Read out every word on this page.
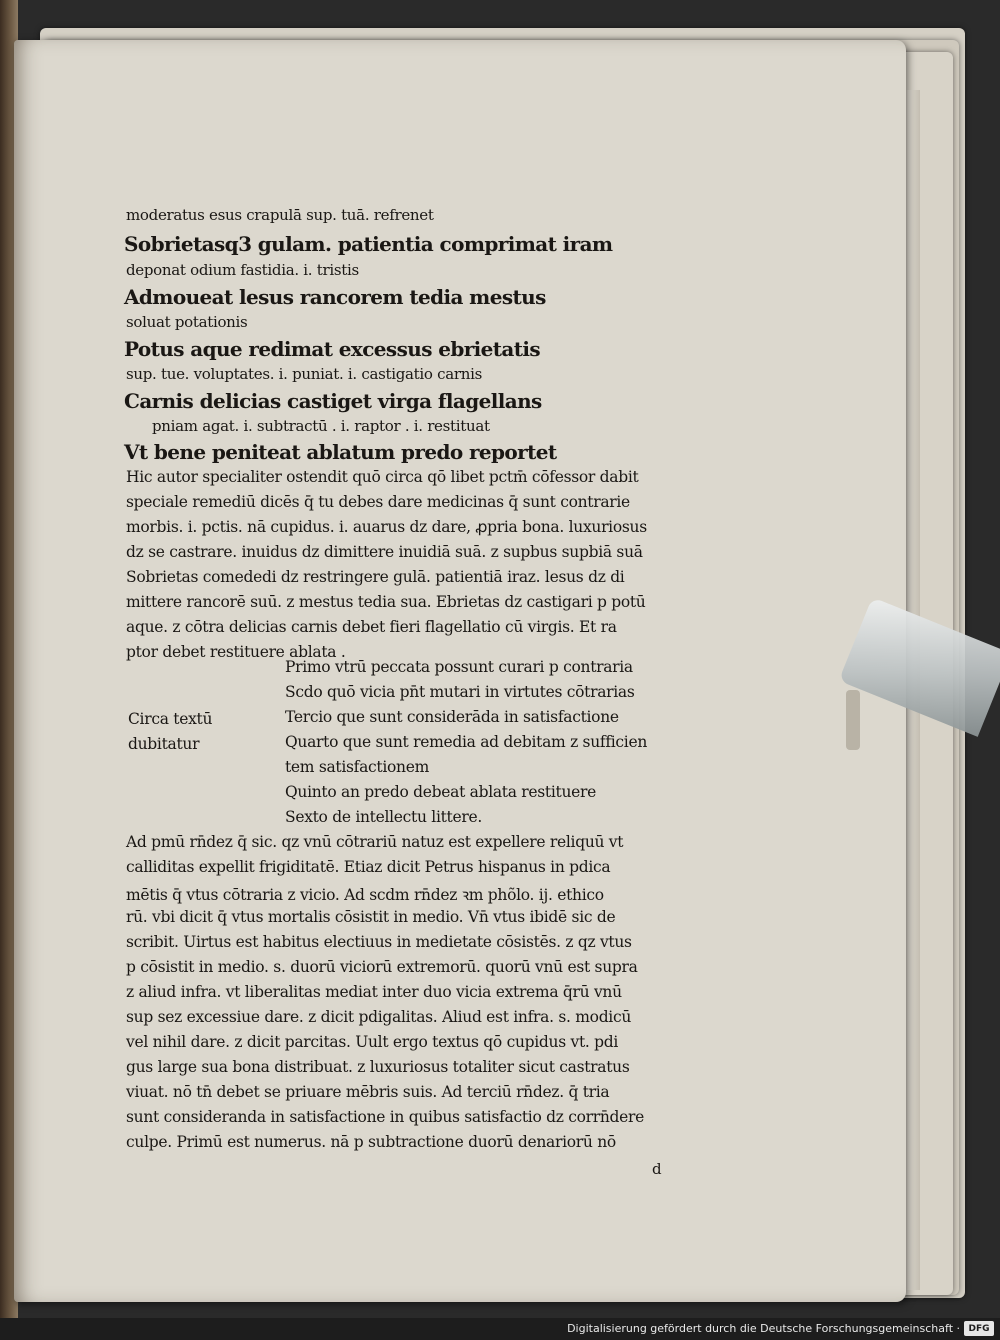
moderatus esus crapulā sup. tuā. refrenet
Sobrietasq3 gulam. patientia comprimat iram
deponat odium fastidia. i. tristis
Admoueat lesus rancorem tedia mestus
soluat potationis
Potus aque redimat excessus ebrietatis
sup. tue. voluptates. i. puniat. i. castigatio carnis
Carnis delicias castiget virga flagellans
pniam agat. i. subtractū . i. raptor . i. restituat
Vt bene peniteat ablatum predo reportet
Hic autor specialiter ostendit quō circa qō libet pctm̄ cōfessor dabit
speciale remediū dicēs q̄ tu debes dare medicinas q̄ sunt contrarie
morbis. i. pctis. nā cupidus. i. auarus dz dare, ꝓpria bona. luxuriosus
dz se castrare. inuidus dz dimittere inuidiā suā. z supbus supbiā suā
Sobrietas comededi dz restringere gulā. patientiā iraz. lesus dz di
mittere rancorē suū. z mestus tedia sua. Ebrietas dz castigari p potū
aque. z cōtra delicias carnis debet fieri flagellatio cū virgis. Et ra
ptor debet restituere ablata .
Circa textū
dubitatur
Primo vtrū peccata possunt curari p contraria
Scdo quō vicia pn̄t mutari in virtutes cōtrarias
Tercio que sunt considerāda in satisfactione
Quarto que sunt remedia ad debitam z sufficien
tem satisfactionem
Quinto an predo debeat ablata restituere
Sexto de intellectu littere.
Ad pmū rn̄dez q̄ sic. qz vnū cōtrariū natuz est expellere reliquū vt
calliditas expellit frigiditatē. Etiaz dicit Petrus hispanus in pdica
mētis q̄ vtus cōtraria z vicio. Ad scdm rn̄dez ꝛm phõlo. ij. ethico
rū. vbi dicit q̄ vtus mortalis cōsistit in medio. Vn̄ vtus ibidē sic de
scribit. Uirtus est habitus electiuus in medietate cōsistēs. z qz vtus
p cōsistit in medio. s. duorū viciorū extremorū. quorū vnū est supra
z aliud infra. vt liberalitas mediat inter duo vicia extrema q̄rū vnū
sup sez excessiue dare. z dicit pdigalitas. Aliud est infra. s. modicū
vel nihil dare. z dicit parcitas. Uult ergo textus qō cupidus vt. pdi
gus large sua bona distribuat. z luxuriosus totaliter sicut castratus
viuat. nō tn̄ debet se priuare mēbris suis. Ad terciū rn̄dez. q̄ tria
sunt consideranda in satisfactione in quibus satisfactio dz corrn̄dere
culpe. Primū est numerus. nā p subtractione duorū denariorū nō
d
Digitalisierung gefördert durch die Deutsche Forschungsgemeinschaft · DFG
